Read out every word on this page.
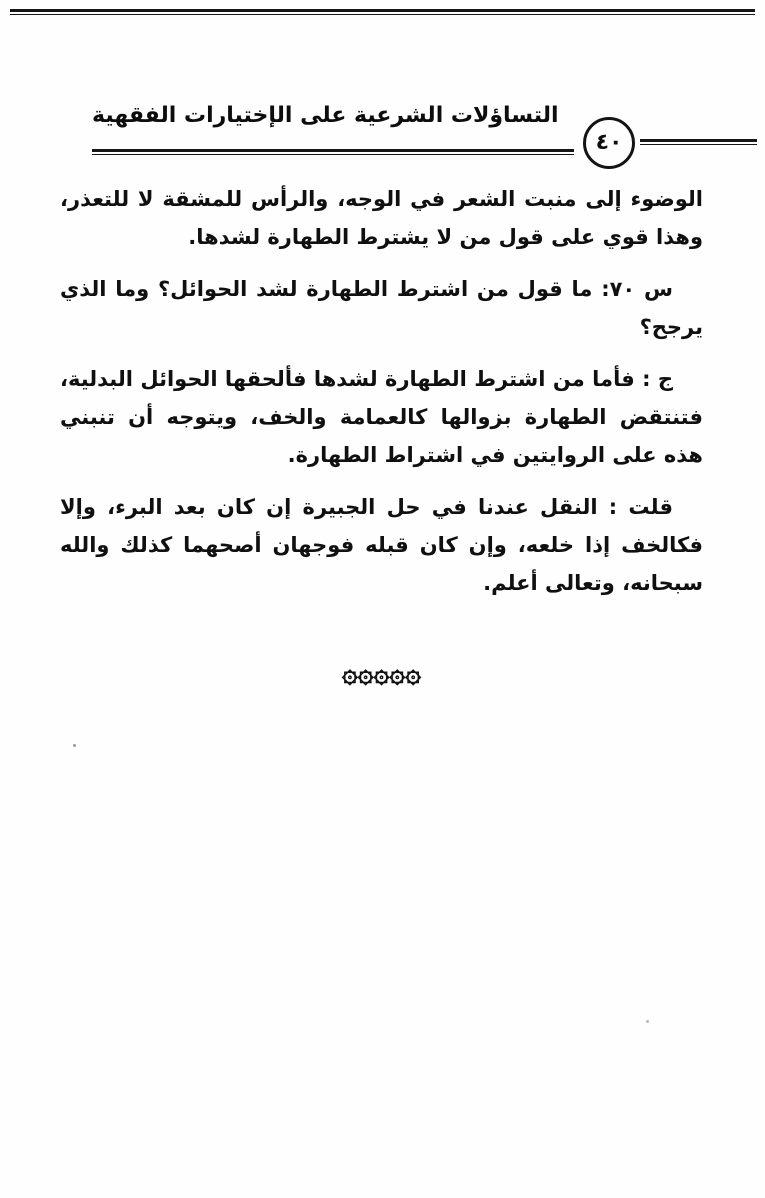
التساؤلات الشرعية على الإختيارات الفقهية
٤٠

الوضوء إلى منبت الشعر في الوجه، والرأس للمشقة لا للتعذر، وهذا قوي على قول من لا يشترط الطهارة لشدها.

س ٧٠: ما قول من اشترط الطهارة لشد الحوائل؟ وما الذي يرجح؟

ج : فأما من اشترط الطهارة لشدها فألحقها الحوائل البدلية، فتنتقض الطهارة بزوالها كالعمامة والخف، ويتوجه أن تنبني هذه على الروايتين في اشتراط الطهارة.

قلت : النقل عندنا في حل الجبيرة إن كان بعد البرء، وإلا فكالخف إذا خلعه، وإن كان قبله فوجهان أصحهما كذلك والله سبحانه، وتعالى أعلم.

۞۞۞۞۞
